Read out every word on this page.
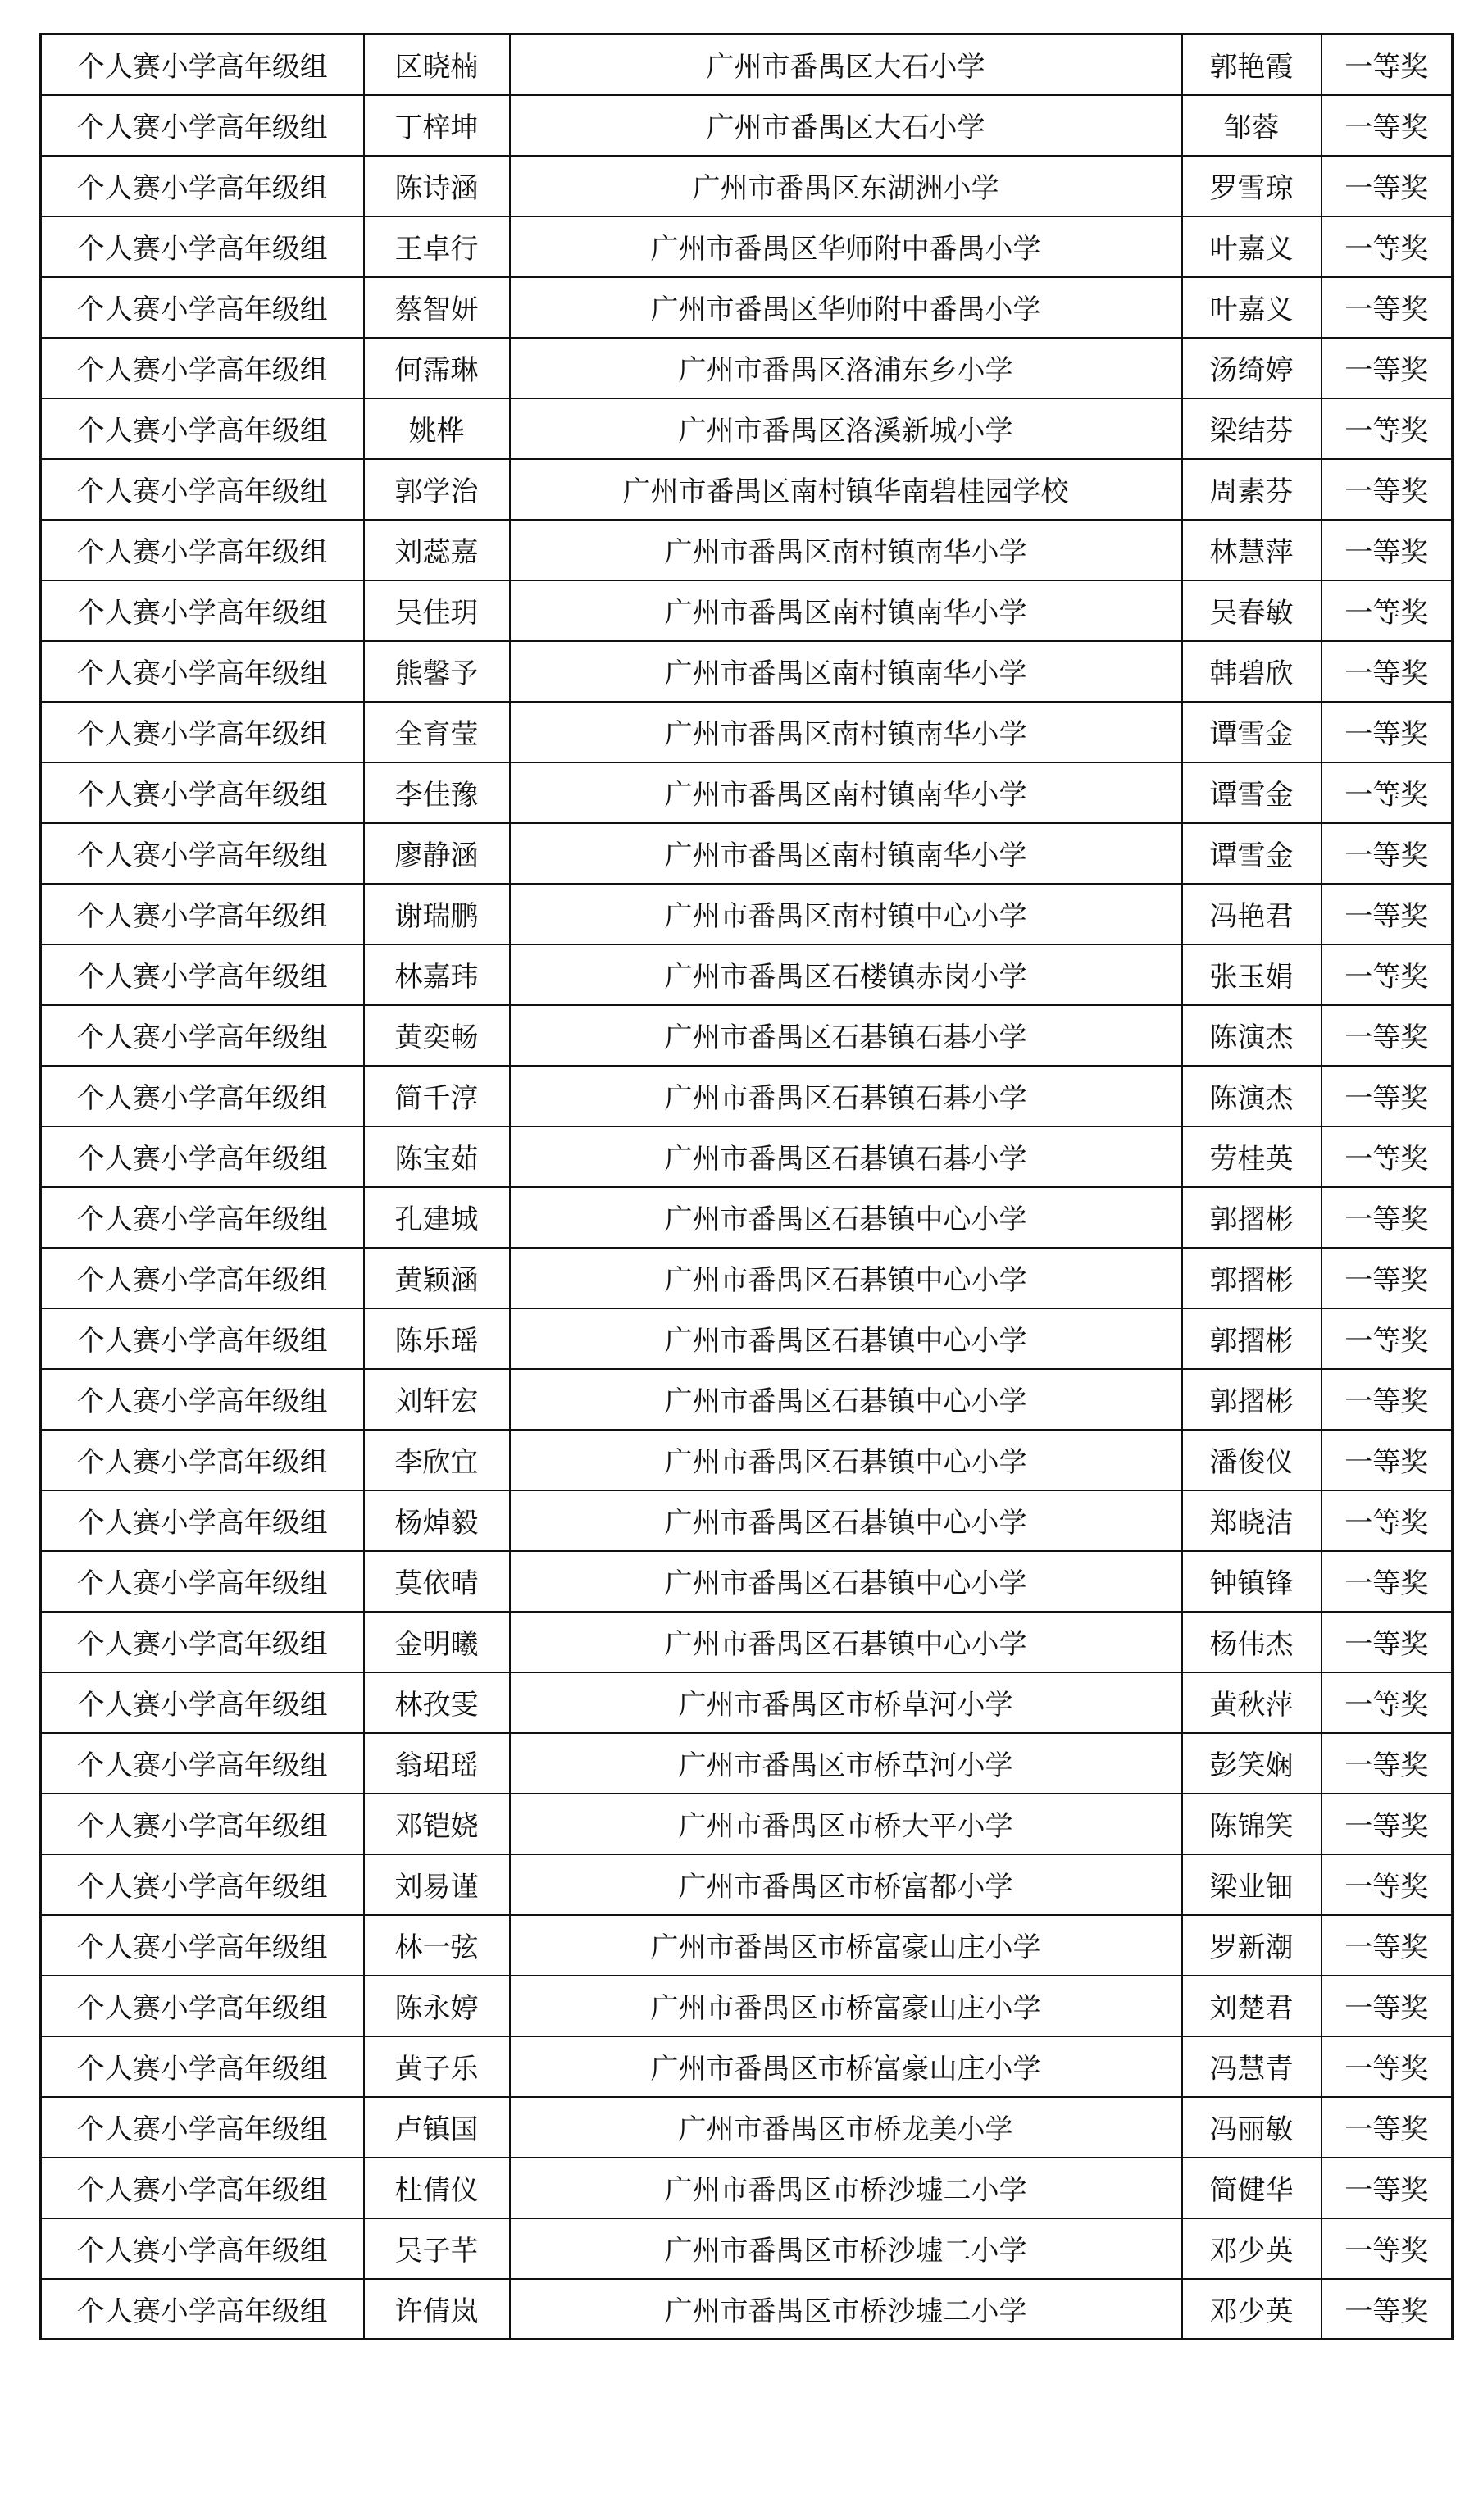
个人赛小学高年级组	区晓楠	广州市番禺区大石小学	郭艳霞	一等奖
个人赛小学高年级组	丁梓坤	广州市番禺区大石小学	邹蓉	一等奖
个人赛小学高年级组	陈诗涵	广州市番禺区东湖洲小学	罗雪琼	一等奖
个人赛小学高年级组	王卓行	广州市番禺区华师附中番禺小学	叶嘉义	一等奖
个人赛小学高年级组	蔡智妍	广州市番禺区华师附中番禺小学	叶嘉义	一等奖
个人赛小学高年级组	何霈琳	广州市番禺区洛浦东乡小学	汤绮婷	一等奖
个人赛小学高年级组	姚桦	广州市番禺区洛溪新城小学	梁结芬	一等奖
个人赛小学高年级组	郭学治	广州市番禺区南村镇华南碧桂园学校	周素芬	一等奖
个人赛小学高年级组	刘蕊嘉	广州市番禺区南村镇南华小学	林慧萍	一等奖
个人赛小学高年级组	吴佳玥	广州市番禺区南村镇南华小学	吴春敏	一等奖
个人赛小学高年级组	熊馨予	广州市番禺区南村镇南华小学	韩碧欣	一等奖
个人赛小学高年级组	全育莹	广州市番禺区南村镇南华小学	谭雪金	一等奖
个人赛小学高年级组	李佳豫	广州市番禺区南村镇南华小学	谭雪金	一等奖
个人赛小学高年级组	廖静涵	广州市番禺区南村镇南华小学	谭雪金	一等奖
个人赛小学高年级组	谢瑞鹏	广州市番禺区南村镇中心小学	冯艳君	一等奖
个人赛小学高年级组	林嘉玮	广州市番禺区石楼镇赤岗小学	张玉娟	一等奖
个人赛小学高年级组	黄奕畅	广州市番禺区石碁镇石碁小学	陈演杰	一等奖
个人赛小学高年级组	简千淳	广州市番禺区石碁镇石碁小学	陈演杰	一等奖
个人赛小学高年级组	陈宝茹	广州市番禺区石碁镇石碁小学	劳桂英	一等奖
个人赛小学高年级组	孔建城	广州市番禺区石碁镇中心小学	郭摺彬	一等奖
个人赛小学高年级组	黄颖涵	广州市番禺区石碁镇中心小学	郭摺彬	一等奖
个人赛小学高年级组	陈乐瑶	广州市番禺区石碁镇中心小学	郭摺彬	一等奖
个人赛小学高年级组	刘轩宏	广州市番禺区石碁镇中心小学	郭摺彬	一等奖
个人赛小学高年级组	李欣宜	广州市番禺区石碁镇中心小学	潘俊仪	一等奖
个人赛小学高年级组	杨焯毅	广州市番禺区石碁镇中心小学	郑晓洁	一等奖
个人赛小学高年级组	莫依晴	广州市番禺区石碁镇中心小学	钟镇锋	一等奖
个人赛小学高年级组	金明曦	广州市番禺区石碁镇中心小学	杨伟杰	一等奖
个人赛小学高年级组	林孜雯	广州市番禺区市桥草河小学	黄秋萍	一等奖
个人赛小学高年级组	翁珺瑶	广州市番禺区市桥草河小学	彭笑娴	一等奖
个人赛小学高年级组	邓铠娆	广州市番禺区市桥大平小学	陈锦笑	一等奖
个人赛小学高年级组	刘易谨	广州市番禺区市桥富都小学	梁业钿	一等奖
个人赛小学高年级组	林一弦	广州市番禺区市桥富豪山庄小学	罗新潮	一等奖
个人赛小学高年级组	陈永婷	广州市番禺区市桥富豪山庄小学	刘楚君	一等奖
个人赛小学高年级组	黄子乐	广州市番禺区市桥富豪山庄小学	冯慧青	一等奖
个人赛小学高年级组	卢镇国	广州市番禺区市桥龙美小学	冯丽敏	一等奖
个人赛小学高年级组	杜倩仪	广州市番禺区市桥沙墟二小学	简健华	一等奖
个人赛小学高年级组	吴子芊	广州市番禺区市桥沙墟二小学	邓少英	一等奖
个人赛小学高年级组	许倩岚	广州市番禺区市桥沙墟二小学	邓少英	一等奖
